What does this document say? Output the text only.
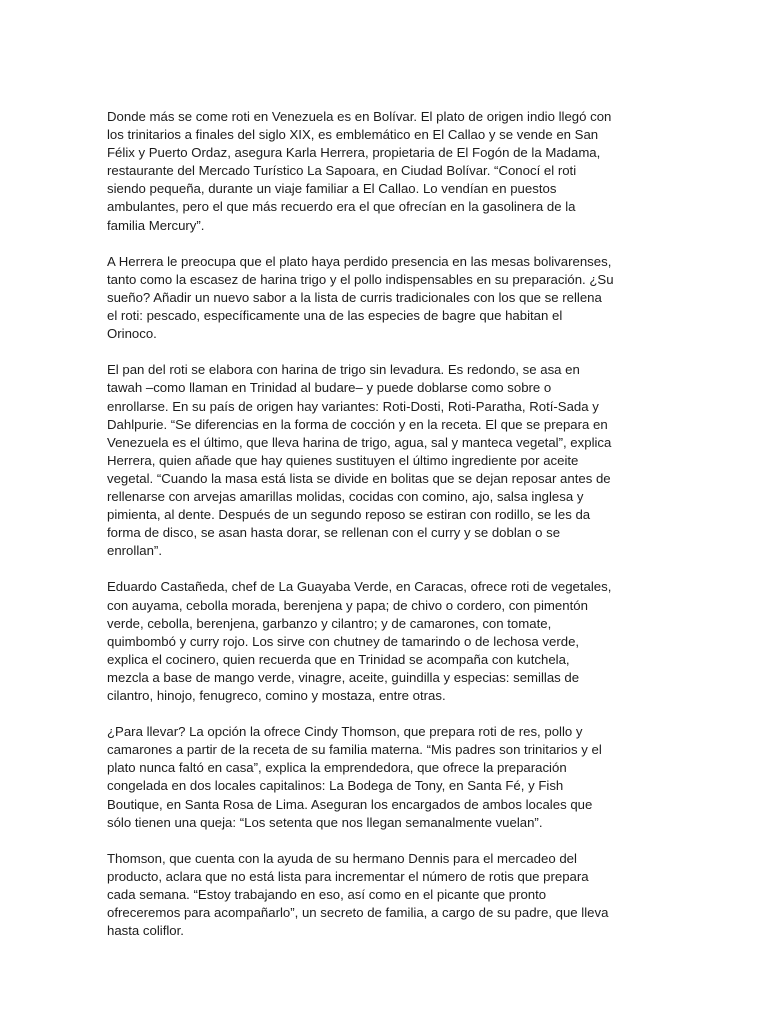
Donde más se come roti en Venezuela es en Bolívar. El plato de origen indio llegó con
los trinitarios a finales del siglo XIX, es emblemático en El Callao y se vende en San
Félix y Puerto Ordaz, asegura Karla Herrera, propietaria de El Fogón de la Madama,
restaurante del Mercado Turístico La Sapoara, en Ciudad Bolívar. “Conocí el roti
siendo pequeña, durante un viaje familiar a El Callao. Lo vendían en puestos
ambulantes, pero el que más recuerdo era el que ofrecían en la gasolinera de la
familia Mercury”.

A Herrera le preocupa que el plato haya perdido presencia en las mesas bolivarenses,
tanto como la escasez de harina trigo y el pollo indispensables en su preparación. ¿Su
sueño? Añadir un nuevo sabor a la lista de curris tradicionales con los que se rellena
el roti: pescado, específicamente una de las especies de bagre que habitan el
Orinoco.

El pan del roti se elabora con harina de trigo sin levadura. Es redondo, se asa en
tawah –como llaman en Trinidad al budare– y puede doblarse como sobre o
enrollarse. En su país de origen hay variantes: Roti-Dosti, Roti-Paratha, Rotí-Sada y
Dahlpurie. “Se diferencias en la forma de cocción y en la receta. El que se prepara en
Venezuela es el último, que lleva harina de trigo, agua, sal y manteca vegetal”, explica
Herrera, quien añade que hay quienes sustituyen el último ingrediente por aceite
vegetal. “Cuando la masa está lista se divide en bolitas que se dejan reposar antes de
rellenarse con arvejas amarillas molidas, cocidas con comino, ajo, salsa inglesa y
pimienta, al dente. Después de un segundo reposo se estiran con rodillo, se les da
forma de disco, se asan hasta dorar, se rellenan con el curry y se doblan o se
enrollan”.

Eduardo Castañeda, chef de La Guayaba Verde, en Caracas, ofrece roti de vegetales,
con auyama, cebolla morada, berenjena y papa; de chivo o cordero, con pimentón
verde, cebolla, berenjena, garbanzo y cilantro; y de camarones, con tomate,
quimbombó y curry rojo. Los sirve con chutney de tamarindo o de lechosa verde,
explica el cocinero, quien recuerda que en Trinidad se acompaña con kutchela,
mezcla a base de mango verde, vinagre, aceite, guindilla y especias: semillas de
cilantro, hinojo, fenugreco, comino y mostaza, entre otras.

¿Para llevar? La opción la ofrece Cindy Thomson, que prepara roti de res, pollo y
camarones a partir de la receta de su familia materna. “Mis padres son trinitarios y el
plato nunca faltó en casa”, explica la emprendedora, que ofrece la preparación
congelada en dos locales capitalinos: La Bodega de Tony, en Santa Fé, y Fish
Boutique, en Santa Rosa de Lima. Aseguran los encargados de ambos locales que
sólo tienen una queja: “Los setenta que nos llegan semanalmente vuelan”.

Thomson, que cuenta con la ayuda de su hermano Dennis para el mercadeo del
producto, aclara que no está lista para incrementar el número de rotis que prepara
cada semana. “Estoy trabajando en eso, así como en el picante que pronto
ofreceremos para acompañarlo”, un secreto de familia, a cargo de su padre, que lleva
hasta coliflor.
